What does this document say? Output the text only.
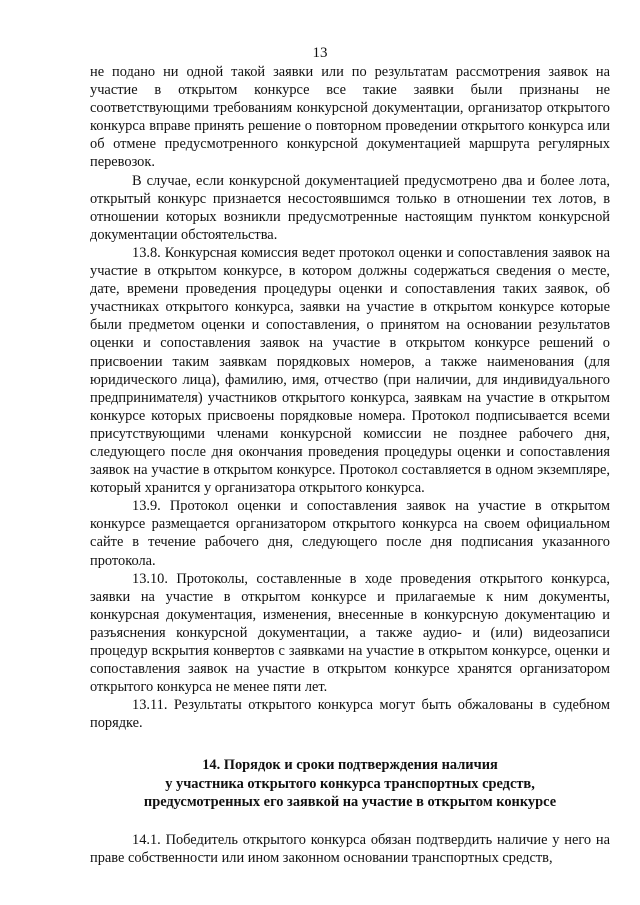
13

не подано ни одной такой заявки или по результатам рассмотрения заявок на участие в открытом конкурсе все такие заявки были признаны не соответствующими требованиям конкурсной документации, организатор открытого конкурса вправе принять решение о повторном проведении открытого конкурса или об отмене предусмотренного конкурсной документацией маршрута регулярных перевозок.

В случае, если конкурсной документацией предусмотрено два и более лота, открытый конкурс признается несостоявшимся только в отношении тех лотов, в отношении которых возникли предусмотренные настоящим пунктом конкурсной документации обстоятельства.

13.8. Конкурсная комиссия ведет протокол оценки и сопоставления заявок на участие в открытом конкурсе, в котором должны содержаться сведения о месте, дате, времени проведения процедуры оценки и сопоставления таких заявок, об участниках открытого конкурса, заявки на участие в открытом конкурсе которые были предметом оценки и сопоставления, о принятом на основании результатов оценки и сопоставления заявок на участие в открытом конкурсе решений о присвоении таким заявкам порядковых номеров, а также наименования (для юридического лица), фамилию, имя, отчество (при наличии, для индивидуального предпринимателя) участников открытого конкурса, заявкам на участие в открытом конкурсе которых присвоены порядковые номера. Протокол подписывается всеми присутствующими членами конкурсной комиссии не позднее рабочего дня, следующего после дня окончания проведения процедуры оценки и сопоставления заявок на участие в открытом конкурсе. Протокол составляется в одном экземпляре, который хранится у организатора открытого конкурса.

13.9. Протокол оценки и сопоставления заявок на участие в открытом конкурсе размещается организатором открытого конкурса на своем официальном сайте в течение рабочего дня, следующего после дня подписания указанного протокола.

13.10. Протоколы, составленные в ходе проведения открытого конкурса, заявки на участие в открытом конкурсе и прилагаемые к ним документы, конкурсная документация, изменения, внесенные в конкурсную документацию и разъяснения конкурсной документации, а также аудио- и (или) видеозаписи процедур вскрытия конвертов с заявками на участие в открытом конкурсе, оценки и сопоставления заявок на участие в открытом конкурсе хранятся организатором открытого конкурса не менее пяти лет.

13.11. Результаты открытого конкурса могут быть обжалованы в судебном порядке.

14. Порядок и сроки подтверждения наличия
у участника открытого конкурса транспортных средств,
предусмотренных его заявкой на участие в открытом конкурсе

14.1. Победитель открытого конкурса обязан подтвердить наличие у него на праве собственности или ином законном основании транспортных средств,
